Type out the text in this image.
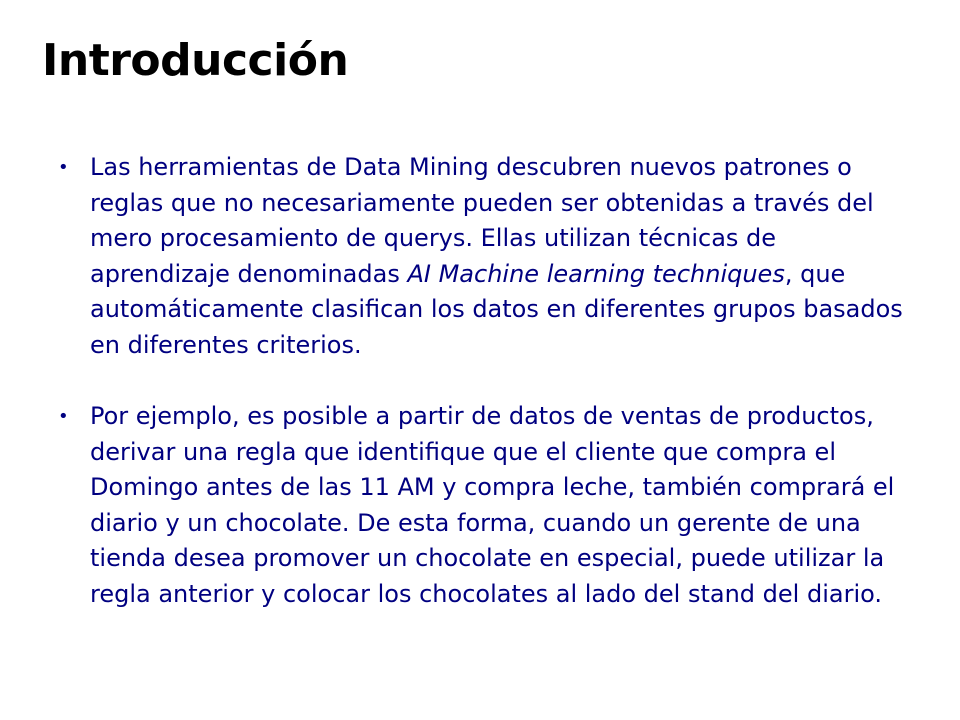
Introducción
• Las herramientas de Data Mining descubren nuevos patrones o reglas que no necesariamente pueden ser obtenidas a través del mero procesamiento de querys. Ellas utilizan técnicas de aprendizaje denominadas AI Machine learning techniques, que automáticamente clasifican los datos en diferentes grupos basados en diferentes criterios.
• Por ejemplo, es posible a partir de datos de ventas de productos, derivar una regla que identifique que el cliente que compra el Domingo antes de las 11 AM y compra leche, también comprará el diario y un chocolate. De esta forma, cuando un gerente de una tienda desea promover un chocolate en especial, puede utilizar la regla anterior y colocar los chocolates al lado del stand del diario.
